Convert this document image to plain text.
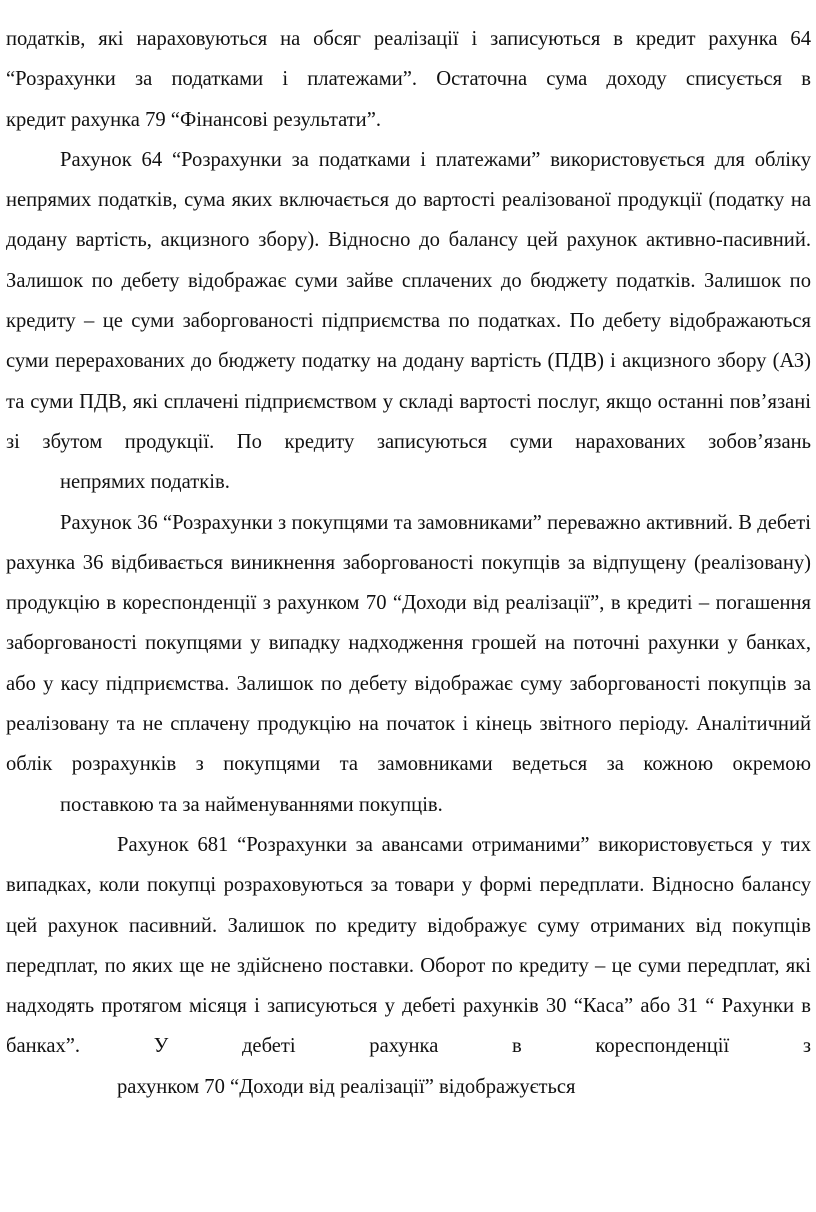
податків, які нараховуються на обсяг реалізації і записуються в кредит рахунка 64 “Розрахунки за податками і платежами”. Остаточна сума доходу списується в
кредит рахунка 79 “Фінансові результати”.

Рахунок 64 “Розрахунки за податками і платежами” використовується для обліку непрямих податків, сума яких включається до вартості реалізованої продукції (податку на додану вартість, акцизного збору). Відносно до балансу цей рахунок активно-пасивний. Залишок по дебету відображає суми зайве сплачених до бюджету податків. Залишок по кредиту – це суми заборгованості підприємства по податках. По дебету відображаються суми перерахованих до бюджету податку на додану вартість (ПДВ) і акцизного збору (АЗ) та суми ПДВ, які сплачені підприємством у складі вартості послуг, якщо останні пов’язані зі збутом продукції. По кредиту записуються суми нарахованих зобов’язань
непрямих податків.

Рахунок 36 “Розрахунки з покупцями та замовниками” переважно активний. В дебеті рахунка 36 відбивається виникнення заборгованості покупців за відпущену (реалізовану) продукцію в кореспонденції з рахунком 70 “Доходи від реалізації”, в кредиті – погашення заборгованості покупцями у випадку надходження грошей на поточні рахунки у банках, або у касу підприємства. Залишок по дебету відображає суму заборгованості покупців за реалізовану та не сплачену продукцію на початок і кінець звітного періоду. Аналітичний облік розрахунків з покупцями та замовниками ведеться за кожною окремою
поставкою та за найменуваннями покупців.

Рахунок 681 “Розрахунки за авансами отриманими” використовується у тих випадках, коли покупці розраховуються за товари у формі передплати. Відносно балансу цей рахунок пасивний. Залишок по кредиту відображує суму отриманих від покупців передплат, по яких ще не здійснено поставки. Оборот по кредиту – це суми передплат, які надходять протягом місяця і записуються у дебеті рахунків 30 “Каса” або 31 “ Рахунки в банках”. У дебеті рахунка в кореспонденції з
рахунком 70 “Доходи від реалізації” відображується
